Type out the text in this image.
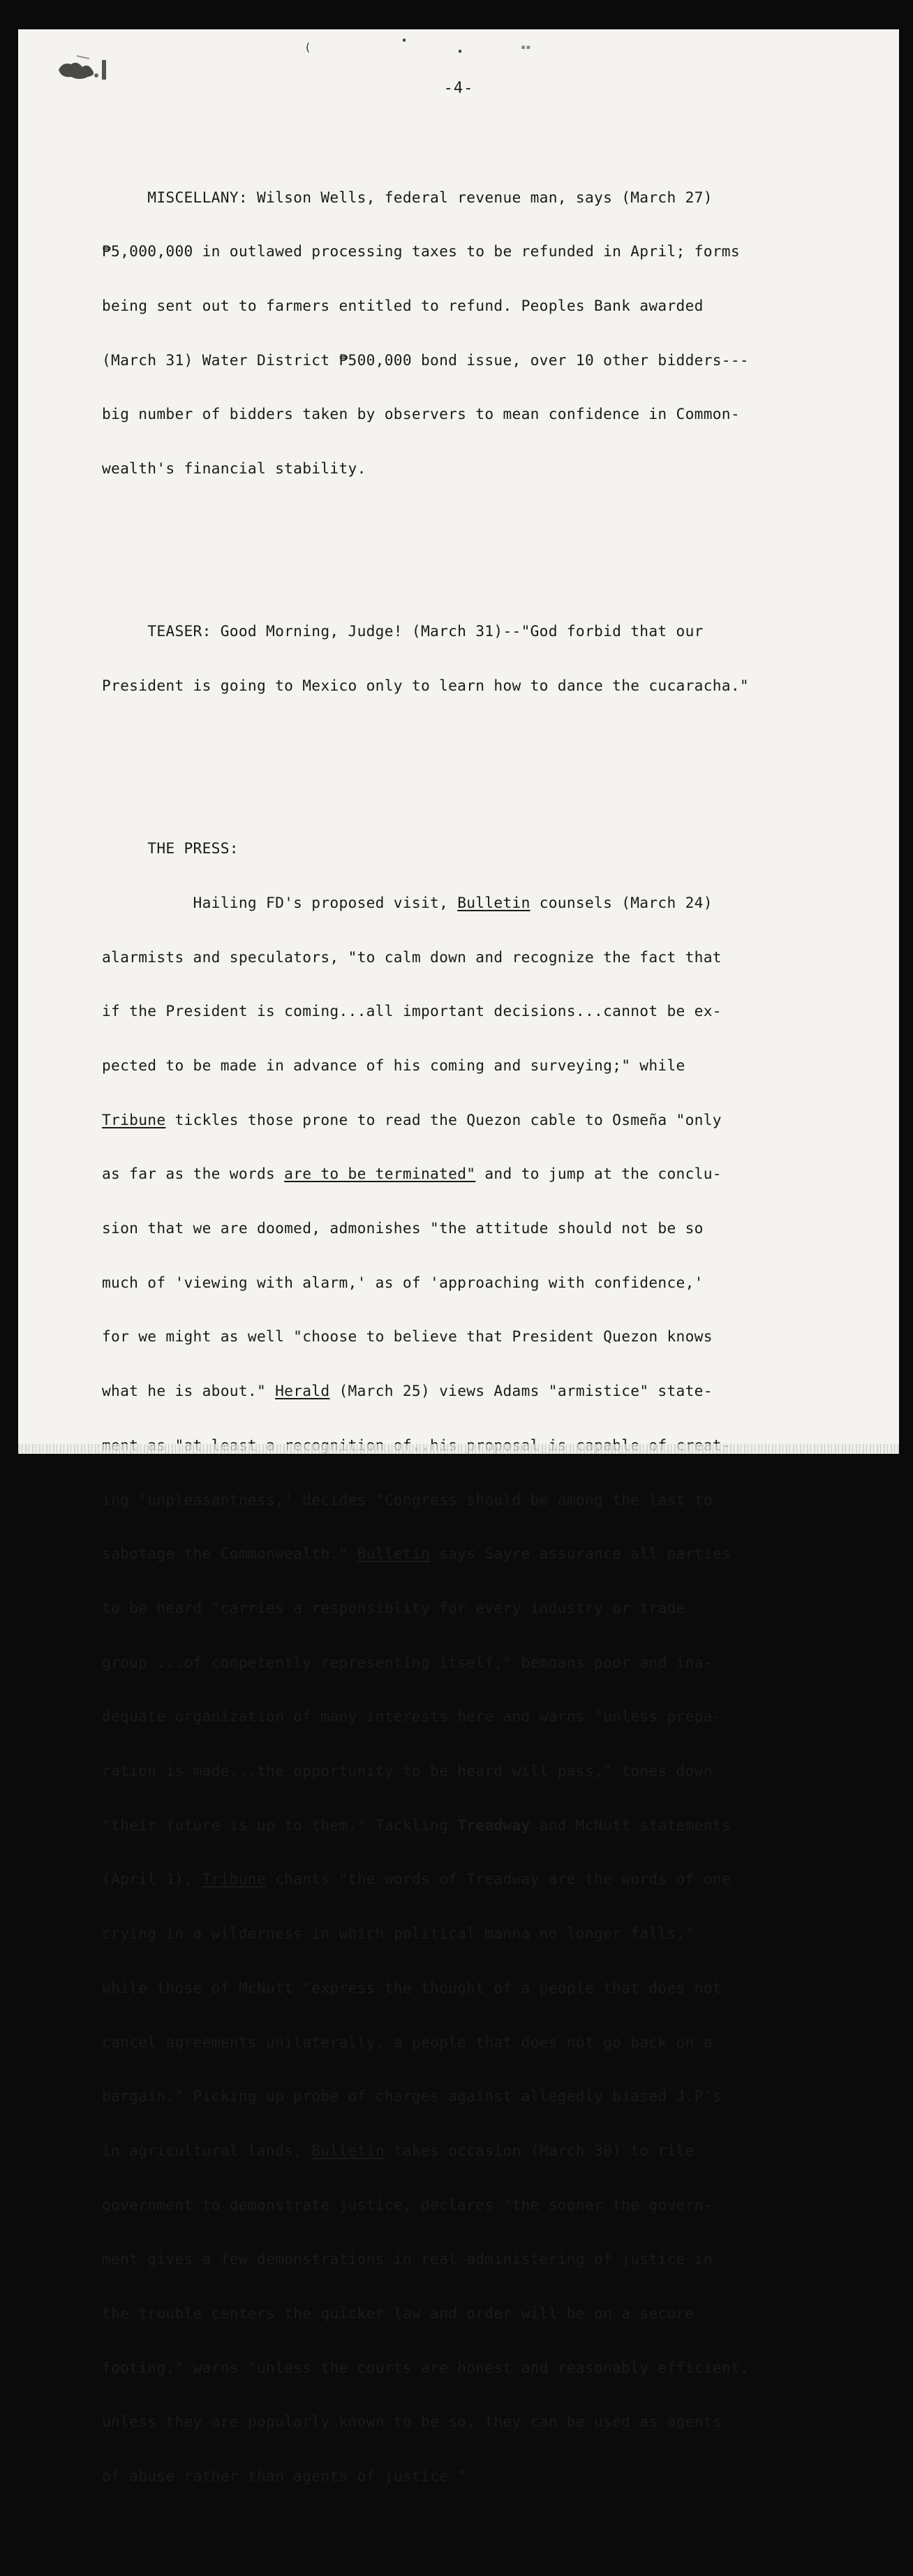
(
▪
▪	▪▪
-4-

MISCELLANY: Wilson Wells, federal revenue man, says (March 27)

₱5,000,000 in outlawed processing taxes to be refunded in April; forms

being sent out to farmers entitled to refund. Peoples Bank awarded

(March 31) Water District ₱500,000 bond issue, over 10 other bidders---

big number of bidders taken by observers to mean confidence in Common-

wealth's financial stability.

TEASER: Good Morning, Judge! (March 31)--"God forbid that our

President is going to Mexico only to learn how to dance the cucaracha."

THE PRESS:

Hailing FD's proposed visit, Bulletin counsels (March 24)

alarmists and speculators, "to calm down and recognize the fact that

if the President is coming...all important decisions...cannot be ex-

pected to be made in advance of his coming and surveying;" while

Tribune tickles those prone to read the Quezon cable to Osmeña "only

as far as the words are to be terminated" and to jump at the conclu-

sion that we are doomed, admonishes "the attitude should not be so

much of 'viewing with alarm,' as of 'approaching with confidence,'

for we might as well "choose to believe that President Quezon knows

what he is about." Herald (March 25) views Adams "armistice" state-

ing 'unpleasantness,' decides "Congress should be among the last to

sabotage the Commonwealth." Bulletin says Sayre assurance all parties

to be heard "carries a responsiblity for every industry or trade

group....of competently representing itself," bemoans poor and ina-

dequate organization of many interests here and warns "unless prepa-

ration is made...the opportunity to be heard will pass," tones down

"their future is up to them." Tackling Treadway and McNutt statements

(April 1), Tribune chants "the words of Treadway are the words of one

crying in a wilderness in which political manna no longer falls,"

while those of McNutt "express the thought of a people that does not

cancel agreements unilaterally, a people that does not go back on a

bargain." Picking up probe of charges against allegedly biased J.P's

in agricultural lands, Bulletin takes occasion (March 30) to rile

government to demonstrate justice, declares "the sooner the govern-

ment gives a few demonstrations in real administering of justice in

the trouble centers the quicker law and order will be on a secure

footing," warns "unless the courts are honest and reasonably efficient,

unless they are popularly known to be so, they can be used as agents

of abuse rather than agents of justice."
